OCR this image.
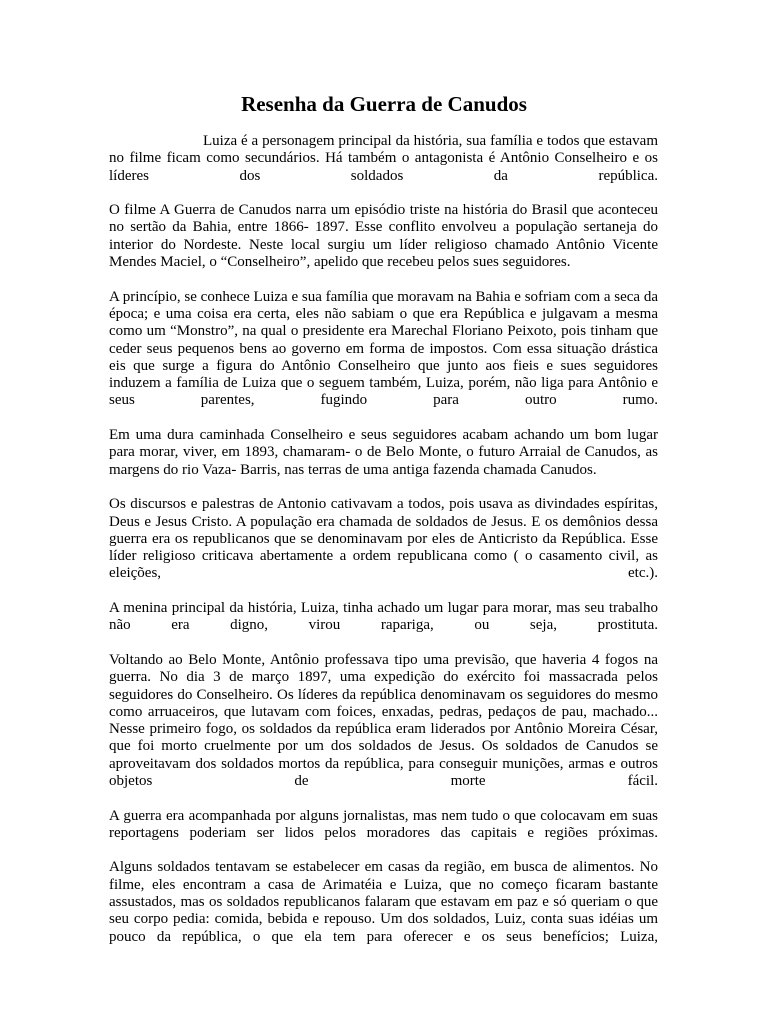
Resenha da Guerra de Canudos

Luiza é a personagem principal da história, sua família e todos que estavam no filme ficam como secundários. Há também o antagonista é Antônio Conselheiro e os líderes dos soldados da república.

O filme A Guerra de Canudos narra um episódio triste na história do Brasil que aconteceu no sertão da Bahia, entre 1866- 1897. Esse conflito envolveu a população sertaneja do interior do Nordeste. Neste local surgiu um líder religioso chamado Antônio Vicente Mendes Maciel, o “Conselheiro”, apelido que recebeu pelos sues seguidores.

A princípio, se conhece Luiza e sua família que moravam na Bahia e sofriam com a seca da época; e uma coisa era certa, eles não sabiam o que era República e julgavam a mesma como um “Monstro”, na qual o presidente era Marechal Floriano Peixoto, pois tinham que ceder seus pequenos bens ao governo em forma de impostos. Com essa situação drástica eis que surge a figura do Antônio Conselheiro que junto aos fieis e sues seguidores induzem a família de Luiza que o seguem também, Luiza, porém, não liga para Antônio e seus parentes, fugindo para outro rumo.

Em uma dura caminhada Conselheiro e seus seguidores acabam achando um bom lugar para morar, viver, em 1893, chamaram- o de Belo Monte, o futuro Arraial de Canudos, as margens do rio Vaza- Barris, nas terras de uma antiga fazenda chamada Canudos.

Os discursos e palestras de Antonio cativavam a todos, pois usava as divindades espíritas, Deus e Jesus Cristo. A população era chamada de soldados de Jesus. E os demônios dessa guerra era os republicanos que se denominavam por eles de Anticristo da República. Esse líder religioso criticava abertamente a ordem republicana como ( o casamento civil, as eleições, etc.).

A menina principal da história, Luiza, tinha achado um lugar para morar, mas seu trabalho não era digno, virou rapariga, ou seja, prostituta.

Voltando ao Belo Monte, Antônio professava tipo uma previsão, que haveria 4 fogos na guerra. No dia 3 de março 1897, uma expedição do exército foi massacrada pelos seguidores do Conselheiro. Os líderes da república denominavam os seguidores do mesmo como arruaceiros, que lutavam com foices, enxadas, pedras, pedaços de pau, machado... Nesse primeiro fogo, os soldados da república eram liderados por Antônio Moreira César, que foi morto cruelmente por um dos soldados de Jesus. Os soldados de Canudos se aproveitavam dos soldados mortos da república, para conseguir munições, armas e outros objetos de morte fácil.

A guerra era acompanhada por alguns jornalistas, mas nem tudo o que colocavam em suas reportagens poderiam ser lidos pelos moradores das capitais e regiões próximas.

Alguns soldados tentavam se estabelecer em casas da região, em busca de alimentos. No filme, eles encontram a casa de Arimatéia e Luiza, que no começo ficaram bastante assustados, mas os soldados republicanos falaram que estavam em paz e só queriam o que seu corpo pedia: comida, bebida e repouso. Um dos soldados, Luiz, conta suas idéias um pouco da república, o que ela tem para oferecer e os seus benefícios; Luiza,
